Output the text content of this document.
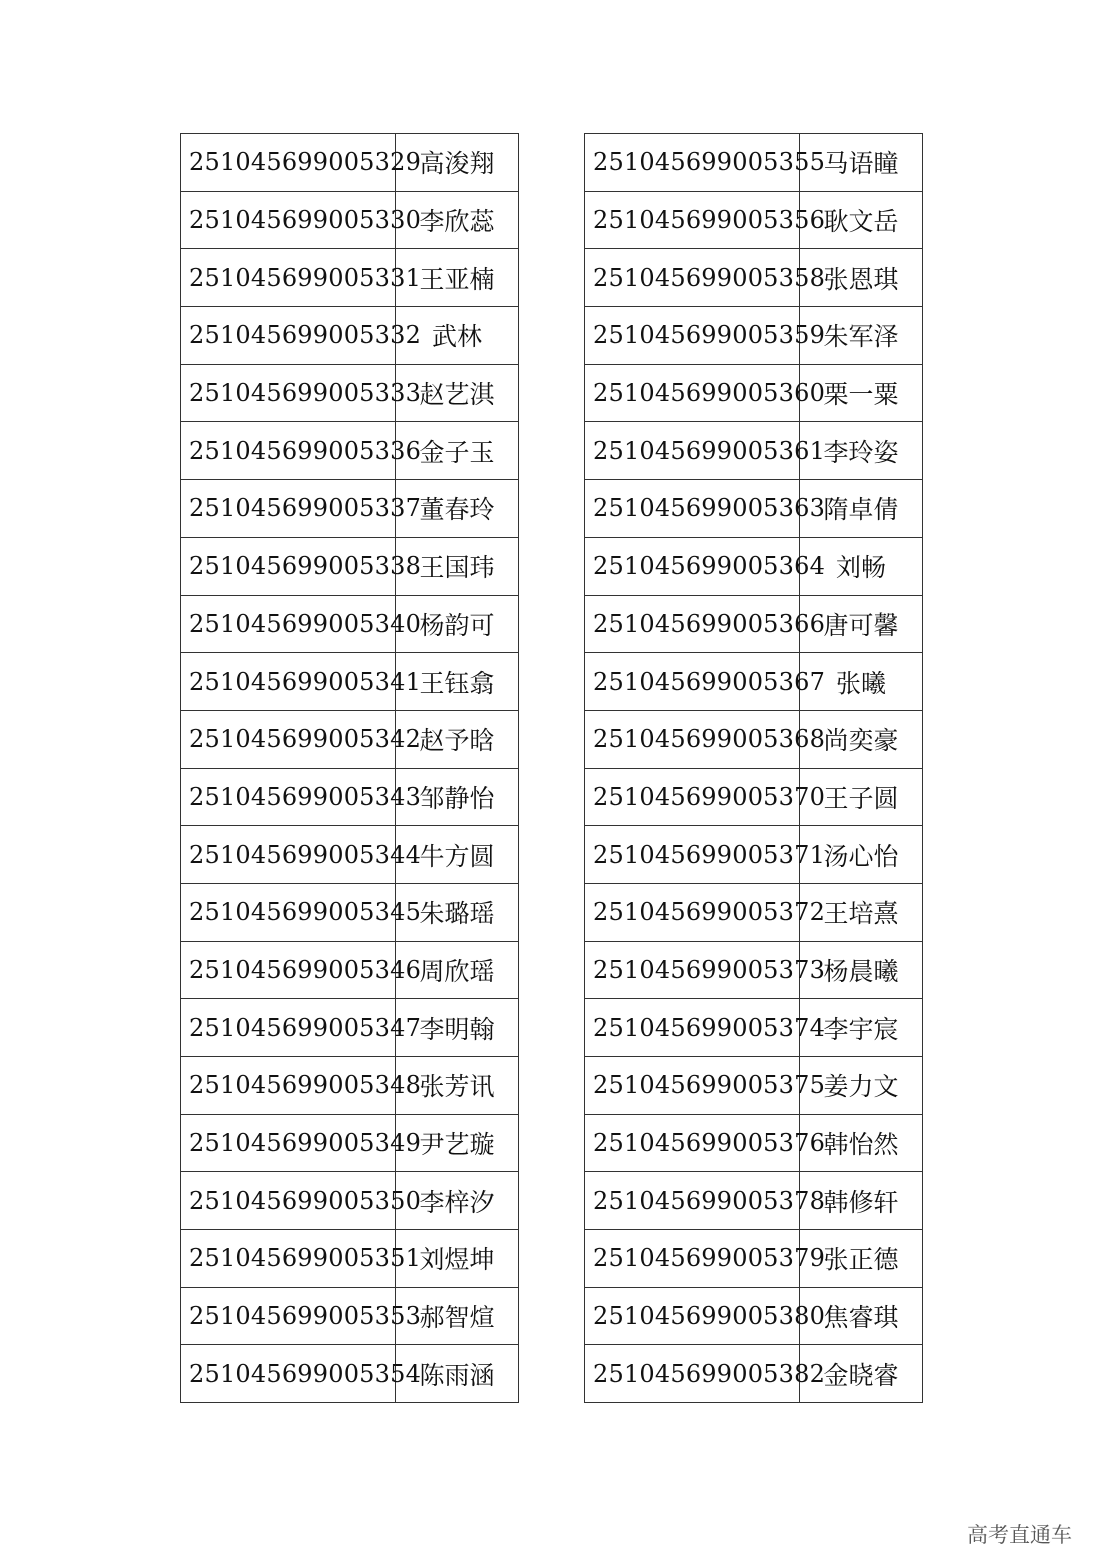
251045699005329	高浚翔
251045699005330	李欣蕊
251045699005331	王亚楠
251045699005332	武林
251045699005333	赵艺淇
251045699005336	金子玉
251045699005337	董春玲
251045699005338	王国玮
251045699005340	杨韵可
251045699005341	王钰翕
251045699005342	赵予晗
251045699005343	邹静怡
251045699005344	牛方圆
251045699005345	朱璐瑶
251045699005346	周欣瑶
251045699005347	李明翰
251045699005348	张芳讯
251045699005349	尹艺璇
251045699005350	李梓汐
251045699005351	刘煜坤
251045699005353	郝智煊
251045699005354	陈雨涵
251045699005355	马语瞳
251045699005356	耿文岳
251045699005358	张恩琪
251045699005359	朱军泽
251045699005360	栗一粟
251045699005361	李玲姿
251045699005363	隋卓倩
251045699005364	刘畅
251045699005366	唐可馨
251045699005367	张曦
251045699005368	尚奕豪
251045699005370	王子圆
251045699005371	汤心怡
251045699005372	王培熹
251045699005373	杨晨曦
251045699005374	李宇宸
251045699005375	姜力文
251045699005376	韩怡然
251045699005378	韩修轩
251045699005379	张正德
251045699005380	焦睿琪
251045699005382	金晓睿
高考直通车
